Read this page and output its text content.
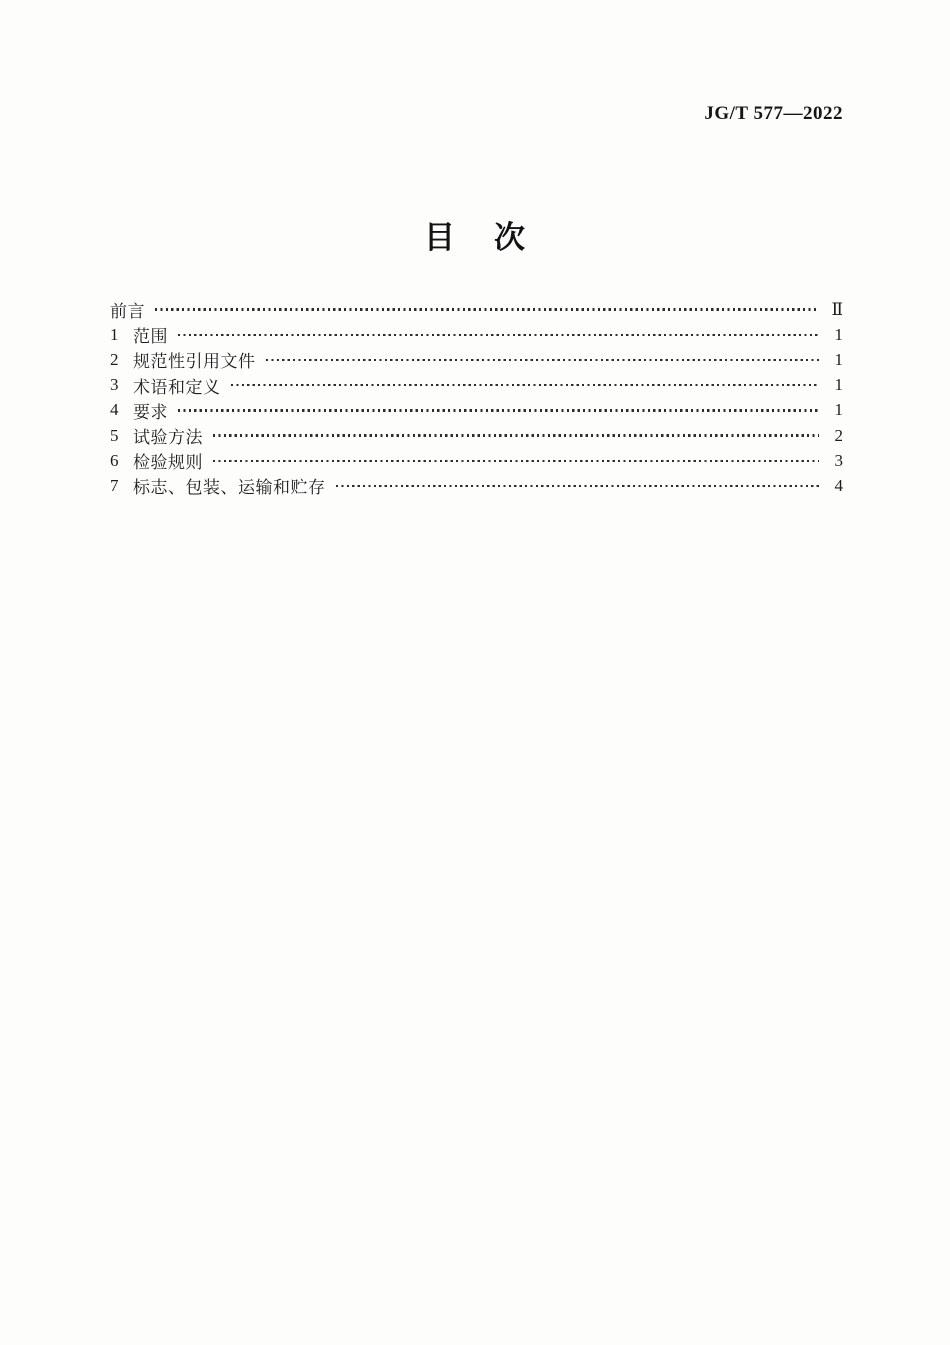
JG/T 577—2022
目　次
前言	Ⅱ
1 范围	1
2 规范性引用文件	1
3 术语和定义	1
4 要求	1
5 试验方法	2
6 检验规则	3
7 标志、包装、运输和贮存	4
